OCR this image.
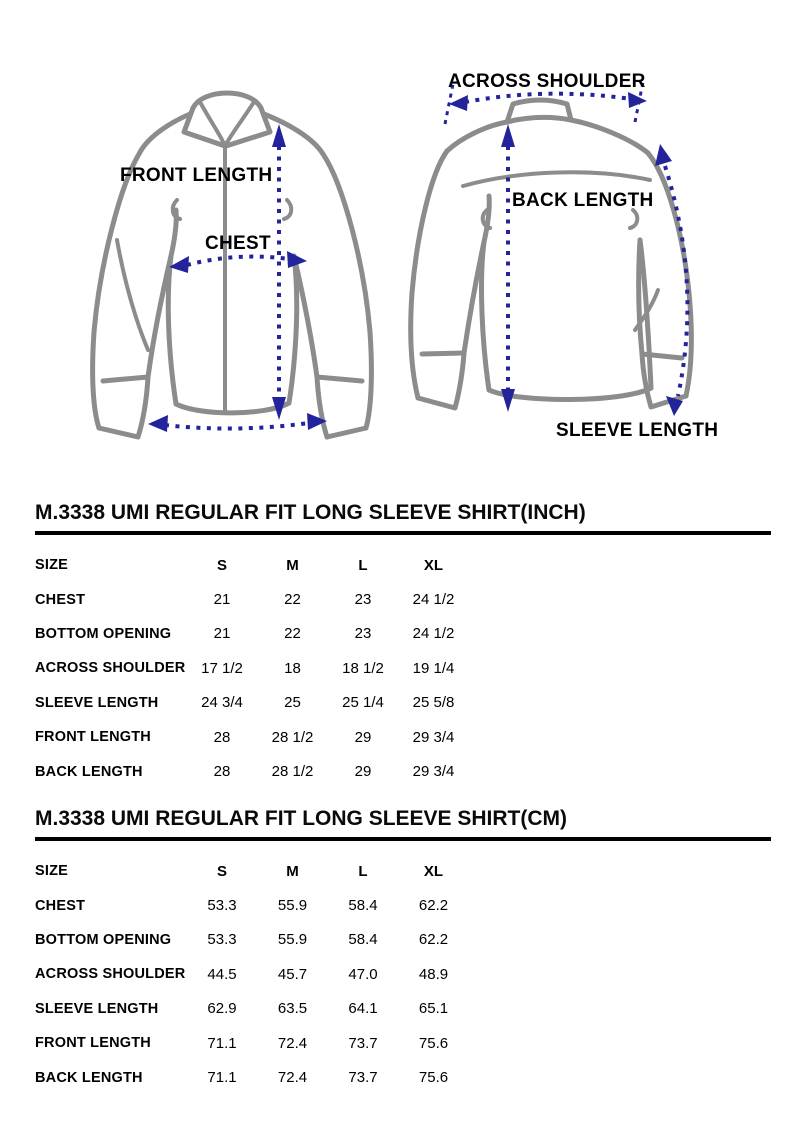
FRONT LENGTH
CHEST
ACROSS SHOULDER
BACK LENGTH
SLEEVE LENGTH
M.3338 UMI REGULAR FIT LONG SLEEVE SHIRT(INCH)
SIZE	S	M	L	XL
CHEST	21	22	23	24 1/2
BOTTOM OPENING	21	22	23	24 1/2
ACROSS SHOULDER	17 1/2	18	18 1/2	19 1/4
SLEEVE LENGTH	24 3/4	25	25 1/4	25 5/8
FRONT LENGTH	28	28 1/2	29	29 3/4
BACK LENGTH	28	28 1/2	29	29 3/4
M.3338 UMI REGULAR FIT LONG SLEEVE SHIRT(CM)
SIZE	S	M	L	XL
CHEST	53.3	55.9	58.4	62.2
BOTTOM OPENING	53.3	55.9	58.4	62.2
ACROSS SHOULDER	44.5	45.7	47.0	48.9
SLEEVE LENGTH	62.9	63.5	64.1	65.1
FRONT LENGTH	71.1	72.4	73.7	75.6
BACK LENGTH	71.1	72.4	73.7	75.6
